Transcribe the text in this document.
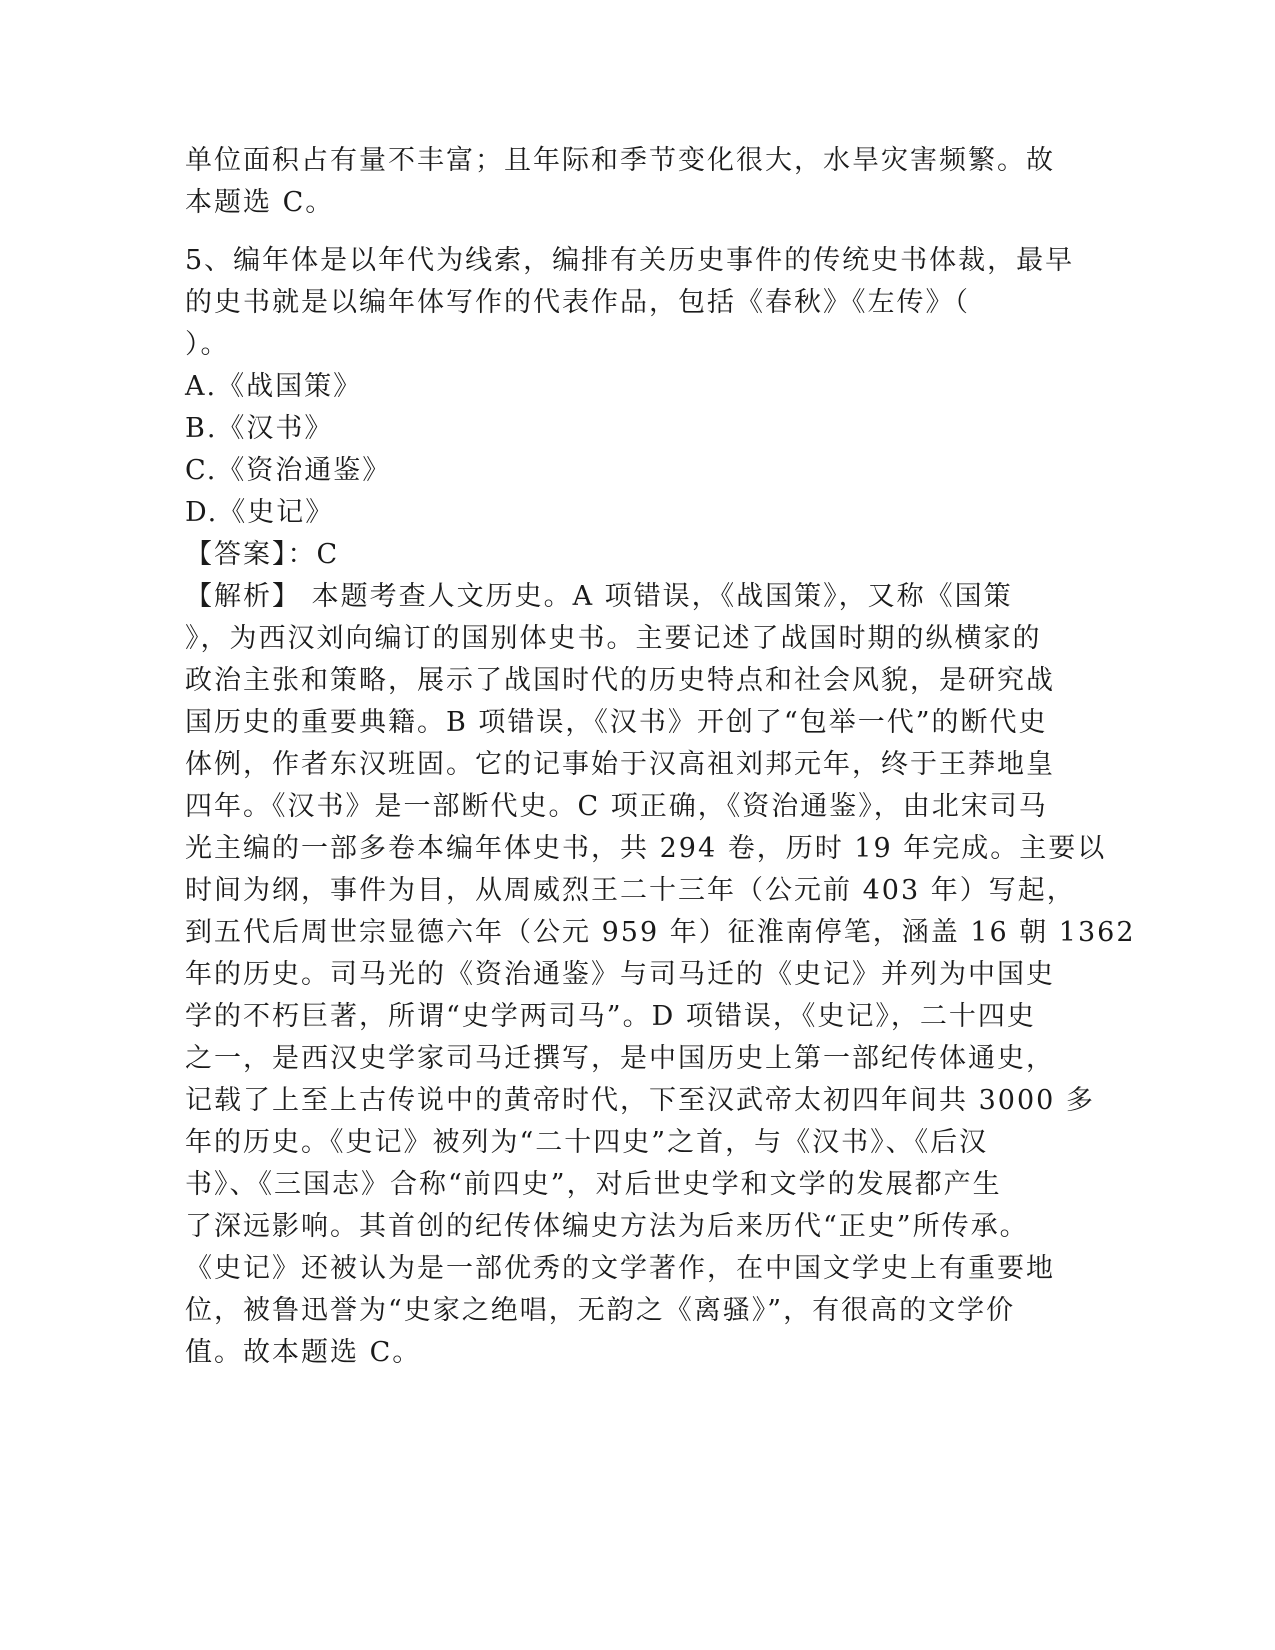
单位面积占有量不丰富；且年际和季节变化很大，水旱灾害频繁。故
本题选 C。
5、编年体是以年代为线索，编排有关历史事件的传统史书体裁，最早
的史书就是以编年体写作的代表作品，包括《春秋》《左传》（
）。
A.《战国策》
B.《汉书》
C.《资治通鉴》
D.《史记》
【答案】：C
【解析】 本题考查人文历史。A 项错误，《战国策》，又称《国策
》，为西汉刘向编订的国别体史书。主要记述了战国时期的纵横家的
政治主张和策略，展示了战国时代的历史特点和社会风貌，是研究战
国历史的重要典籍。B 项错误，《汉书》开创了“包举一代”的断代史
体例，作者东汉班固。它的记事始于汉高祖刘邦元年，终于王莽地皇
四年。《汉书》是一部断代史。C 项正确，《资治通鉴》，由北宋司马
光主编的一部多卷本编年体史书，共 294 卷，历时 19 年完成。主要以
时间为纲，事件为目，从周威烈王二十三年（公元前 403 年）写起，
到五代后周世宗显德六年（公元 959 年）征淮南停笔，涵盖 16 朝 1362
年的历史。司马光的《资治通鉴》与司马迁的《史记》并列为中国史
学的不朽巨著，所谓“史学两司马”。D 项错误，《史记》，二十四史
之一，是西汉史学家司马迁撰写，是中国历史上第一部纪传体通史，
记载了上至上古传说中的黄帝时代，下至汉武帝太初四年间共 3000 多
年的历史。《史记》被列为“二十四史”之首，与《汉书》、《后汉
书》、《三国志》合称“前四史”，对后世史学和文学的发展都产生
了深远影响。其首创的纪传体编史方法为后来历代“正史”所传承。
《史记》还被认为是一部优秀的文学著作，在中国文学史上有重要地
位，被鲁迅誉为“史家之绝唱，无韵之《离骚》”，有很高的文学价
值。故本题选 C。
